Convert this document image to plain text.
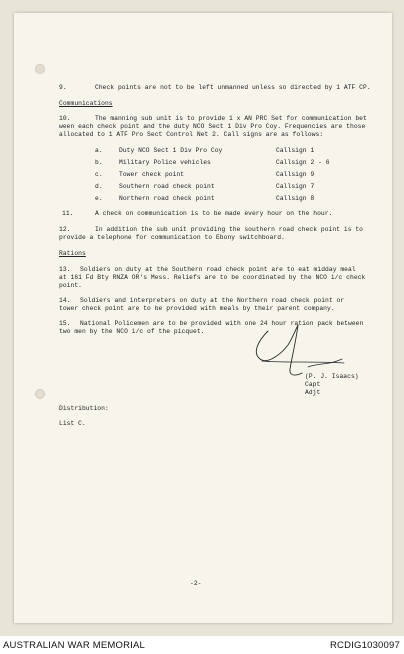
9.	Check points are not to be left unmanned unless so directed by 1 ATF CP.
Communications
10.	The manning sub unit is to provide 1 x AN PRC Set for communication bet
ween each check point and the duty NCO Sect 1 Div Pro Coy. Frequencies are those
allocated to 1 ATF Pro Sect Control Net 2. Call signs are as follows:
a.	Duty NCO Sect 1 Div Pro Coy	Callsign 1
b.	Military Police vehicles	Callsign 2 - 6
c.	Tower check point	Callsign 9
d.	Southern road check point	Callsign 7
e.	Northern road check point	Callsign 8
11.	A check on communication is to be made every hour on the hour.
12.	In addition the sub unit providing the southern road check point is to
provide a telephone for communication to Ebony switchboard.
Rations
13. Soldiers on duty at the Southern road check point are to eat midday meal
at 161 Fd Bty RNZA OR's Mess. Reliefs are to be coordinated by the NCO i/c check
point.
14. Soldiers and interpreters on duty at the Northern road check point or
tower check point are to be provided with meals by their parent company.
15. National Policemen are to be provided with one 24 hour ration pack between
two men by the NCO i/c of the picquet.
(P. J. Isaacs)
Capt
Adjt
Distribution:
List C.
-2-
AUSTRALIAN WAR MEMORIAL	RCDIG1030097
